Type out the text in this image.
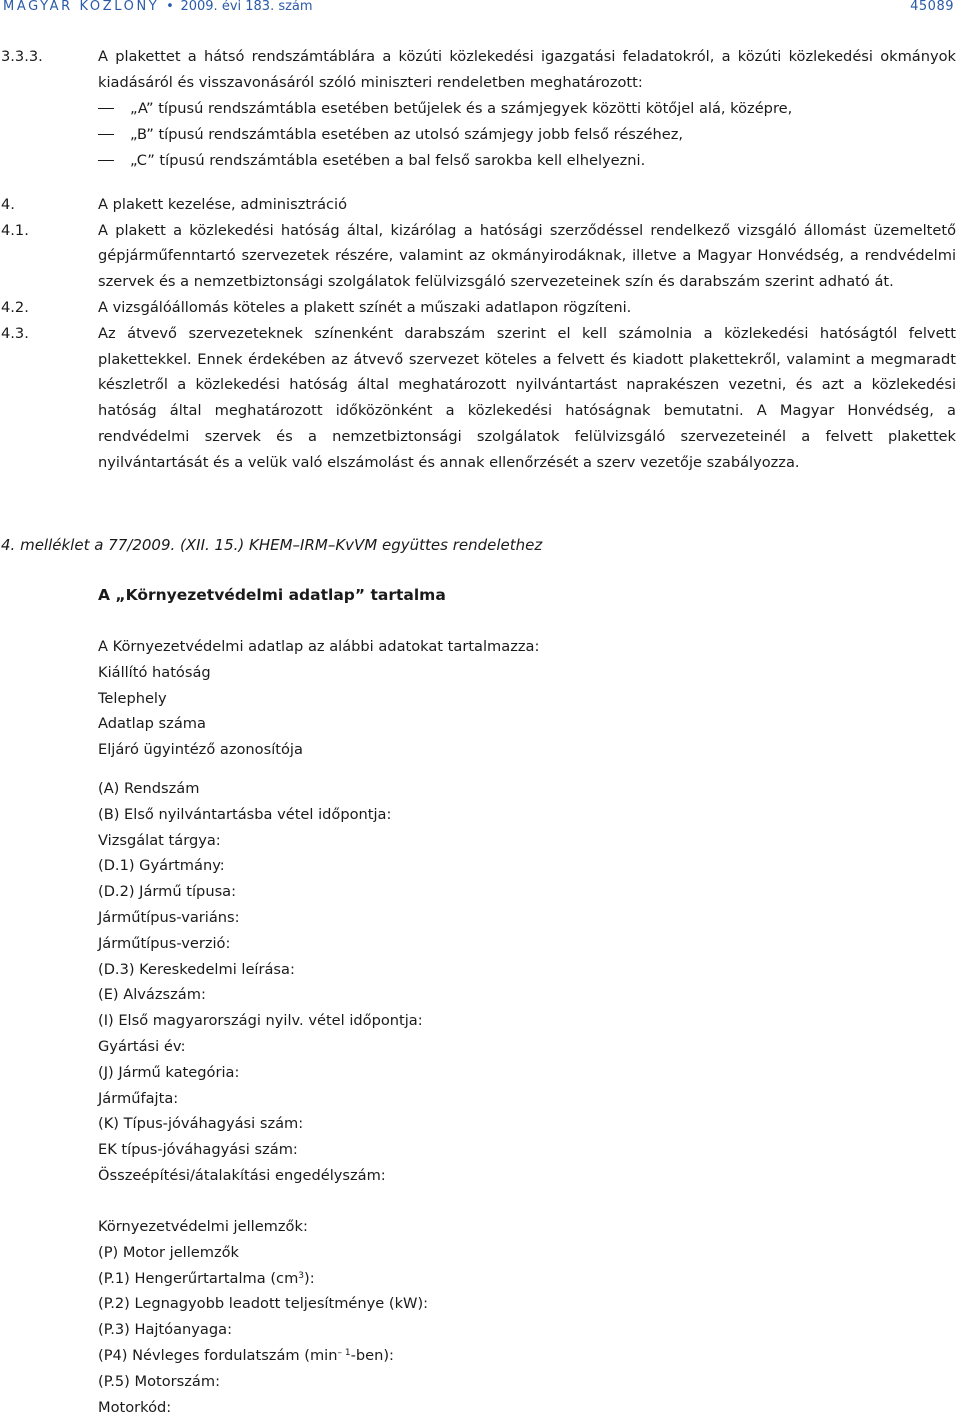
MAGYAR KÖZLÖNY • 2009. évi 183. szám	45089
3.3.3.	A plakettet a hátsó rendszámtáblára a közúti közlekedési igazgatási feladatokról, a közúti közlekedési okmányok kiadásáról és visszavonásáról szóló miniszteri rendeletben meghatározott:
„A” típusú rendszámtábla esetében betűjelek és a számjegyek közötti kötőjel alá, középre,
„B” típusú rendszámtábla esetében az utolsó számjegy jobb felső részéhez,
„C” típusú rendszámtábla esetében a bal felső sarokba kell elhelyezni.
4.	A plakett kezelése, adminisztráció
4.1.	A plakett a közlekedési hatóság által, kizárólag a hatósági szerződéssel rendelkező vizsgáló állomást üzemeltető gépjárműfenntartó szervezetek részére, valamint az okmányirodáknak, illetve a Magyar Honvédség, a rendvédelmi szervek és a nemzetbiztonsági szolgálatok felülvizsgáló szervezeteinek szín és darabszám szerint adható át.
4.2.	A vizsgálóállomás köteles a plakett színét a műszaki adatlapon rögzíteni.
4.3.	Az átvevő szervezeteknek színenként darabszám szerint el kell számolnia a közlekedési hatóságtól felvett plakettekkel. Ennek érdekében az átvevő szervezet köteles a felvett és kiadott plakettekről, valamint a megmaradt készletről a közlekedési hatóság által meghatározott nyilvántartást naprakészen vezetni, és azt a közlekedési hatóság által meghatározott időközönként a közlekedési hatóságnak bemutatni. A Magyar Honvédség, a rendvédelmi szervek és a nemzetbiztonsági szolgálatok felülvizsgáló szervezeteinél a felvett plakettek nyilvántartását és a velük való elszámolást és annak ellenőrzését a szerv vezetője szabályozza.
4. melléklet a 77/2009. (XII. 15.) KHEM–IRM–KvVM együttes rendelethez
A „Környezetvédelmi adatlap” tartalma
A Környezetvédelmi adatlap az alábbi adatokat tartalmazza:
Kiállító hatóság
Telephely
Adatlap száma
Eljáró ügyintéző azonosítója
(A) Rendszám
(B) Első nyilvántartásba vétel időpontja:
Vizsgálat tárgya:
(D.1) Gyártmány:
(D.2) Jármű típusa:
Járműtípus-variáns:
Járműtípus-verzió:
(D.3) Kereskedelmi leírása:
(E) Alvázszám:
(I) Első magyarországi nyilv. vétel időpontja:
Gyártási év:
(J) Jármű kategória:
Járműfajta:
(K) Típus-jóváhagyási szám:
EK típus-jóváhagyási szám:
Összeépítési/átalakítási engedélyszám:
Környezetvédelmi jellemzők:
(P) Motor jellemzők
(P.1) Hengerűrtartalma $(cm^3)$:
(P.2) Legnagyobb leadott teljesítménye (kW):
(P.3) Hajtóanyaga:
(P4) Névleges fordulatszám $(\min^{- 1}-ben)$:
(P.5) Motorszám:
Motorkód:
